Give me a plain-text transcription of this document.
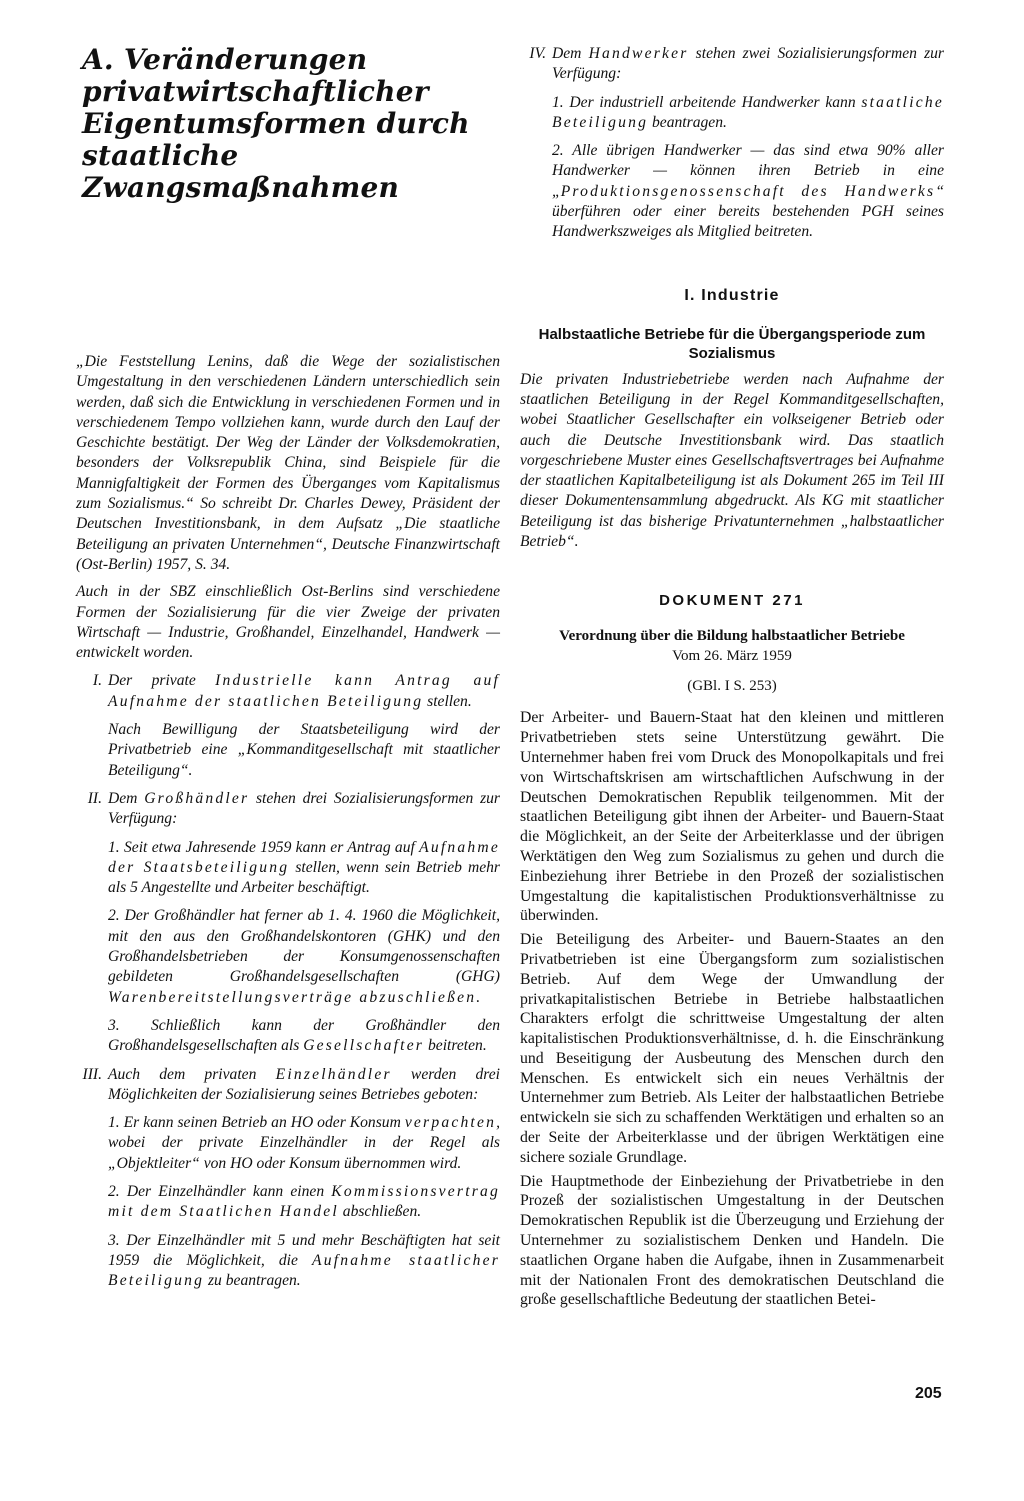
A. Veränderungen privatwirtschaftlicher Eigentumsformen durch staatliche Zwangsmaßnahmen

„Die Feststellung Lenins, daß die Wege der sozialistischen Umgestaltung in den verschiedenen Ländern unterschiedlich sein werden, daß sich die Entwicklung in verschiedenen Formen und in verschiedenem Tempo vollziehen kann, wurde durch den Lauf der Geschichte bestätigt. Der Weg der Länder der Volksdemokratien, besonders der Volksrepublik China, sind Beispiele für die Mannigfaltigkeit der Formen des Überganges vom Kapitalismus zum Sozialismus.“ So schreibt Dr. Charles Dewey, Präsident der Deutschen Investitionsbank, in dem Aufsatz „Die staatliche Beteiligung an privaten Unternehmen“, Deutsche Finanzwirtschaft (Ost-Berlin) 1957, S. 34.

Auch in der SBZ einschließlich Ost-Berlins sind verschiedene Formen der Sozialisierung für die vier Zweige der privaten Wirtschaft — Industrie, Großhandel, Einzelhandel, Handwerk — entwickelt worden.

I. Der private Industrielle kann Antrag auf Aufnahme der staatlichen Beteiligung stellen.

Nach Bewilligung der Staatsbeteiligung wird der Privatbetrieb eine „Kommanditgesellschaft mit staatlicher Beteiligung“.

II. Dem Großhändler stehen drei Sozialisierungsformen zur Verfügung:

1. Seit etwa Jahresende 1959 kann er Antrag auf Aufnahme der Staatsbeteiligung stellen, wenn sein Betrieb mehr als 5 Angestellte und Arbeiter beschäftigt.

2. Der Großhändler hat ferner ab 1. 4. 1960 die Möglichkeit, mit den aus den Großhandelskontoren (GHK) und den Großhandelsbetrieben der Konsumgenossenschaften gebildeten Großhandelsgesellschaften (GHG) Warenbereitstellungsverträge abzuschließen.

3. Schließlich kann der Großhändler den Großhandelsgesellschaften als Gesellschafter beitreten.

III. Auch dem privaten Einzelhändler werden drei Möglichkeiten der Sozialisierung seines Betriebes geboten:

1. Er kann seinen Betrieb an HO oder Konsum verpachten, wobei der private Einzelhändler in der Regel als „Objektleiter“ von HO oder Konsum übernommen wird.

2. Der Einzelhändler kann einen Kommissionsvertrag mit dem Staatlichen Handel abschließen.

3. Der Einzelhändler mit 5 und mehr Beschäftigten hat seit 1959 die Möglichkeit, die Aufnahme staatlicher Beteiligung zu beantragen.

IV. Dem Handwerker stehen zwei Sozialisierungsformen zur Verfügung:

1. Der industriell arbeitende Handwerker kann staatliche Beteiligung beantragen.

2. Alle übrigen Handwerker — das sind etwa 90% aller Handwerker — können ihren Betrieb in eine „Produktionsgenossenschaft des Handwerks“ überführen oder einer bereits bestehenden PGH seines Handwerkszweiges als Mitglied beitreten.

I. Industrie
Halbstaatliche Betriebe für die Übergangsperiode zum Sozialismus

Die privaten Industriebetriebe werden nach Aufnahme der staatlichen Beteiligung in der Regel Kommanditgesellschaften, wobei Staatlicher Gesellschafter ein volkseigener Betrieb oder auch die Deutsche Investitionsbank wird. Das staatlich vorgeschriebene Muster eines Gesellschaftsvertrages bei Aufnahme der staatlichen Kapitalbeteiligung ist als Dokument 265 im Teil III dieser Dokumentensammlung abgedruckt. Als KG mit staatlicher Beteiligung ist das bisherige Privatunternehmen „halbstaatlicher Betrieb“.

DOKUMENT 271
Verordnung über die Bildung halbstaatlicher Betriebe
Vom 26. März 1959
(GBl. I S. 253)

Der Arbeiter- und Bauern-Staat hat den kleinen und mittleren Privatbetrieben stets seine Unterstützung gewährt. Die Unternehmer haben frei vom Druck des Monopolkapitals und frei von Wirtschaftskrisen am wirtschaftlichen Aufschwung in der Deutschen Demokratischen Republik teilgenommen. Mit der staatlichen Beteiligung gibt ihnen der Arbeiter- und Bauern-Staat die Möglichkeit, an der Seite der Arbeiterklasse und der übrigen Werktätigen den Weg zum Sozialismus zu gehen und durch die Einbeziehung ihrer Betriebe in den Prozeß der sozialistischen Umgestaltung die kapitalistischen Produktionsverhältnisse zu überwinden.

Die Beteiligung des Arbeiter- und Bauern-Staates an den Privatbetrieben ist eine Übergangsform zum sozialistischen Betrieb. Auf dem Wege der Umwandlung der privatkapitalistischen Betriebe in Betriebe halbstaatlichen Charakters erfolgt die schrittweise Umgestaltung der alten kapitalistischen Produktionsverhältnisse, d. h. die Einschränkung und Beseitigung der Ausbeutung des Menschen durch den Menschen. Es entwickelt sich ein neues Verhältnis der Unternehmer zum Betrieb. Als Leiter der halbstaatlichen Betriebe entwickeln sie sich zu schaffenden Werktätigen und erhalten so an der Seite der Arbeiterklasse und der übrigen Werktätigen eine sichere soziale Grundlage.

Die Hauptmethode der Einbeziehung der Privatbetriebe in den Prozeß der sozialistischen Umgestaltung in der Deutschen Demokratischen Republik ist die Überzeugung und Erziehung der Unternehmer zu sozialistischem Denken und Handeln. Die staatlichen Organe haben die Aufgabe, ihnen in Zusammenarbeit mit der Nationalen Front des demokratischen Deutschland die große gesellschaftliche Bedeutung der staatlichen Betei-

205
